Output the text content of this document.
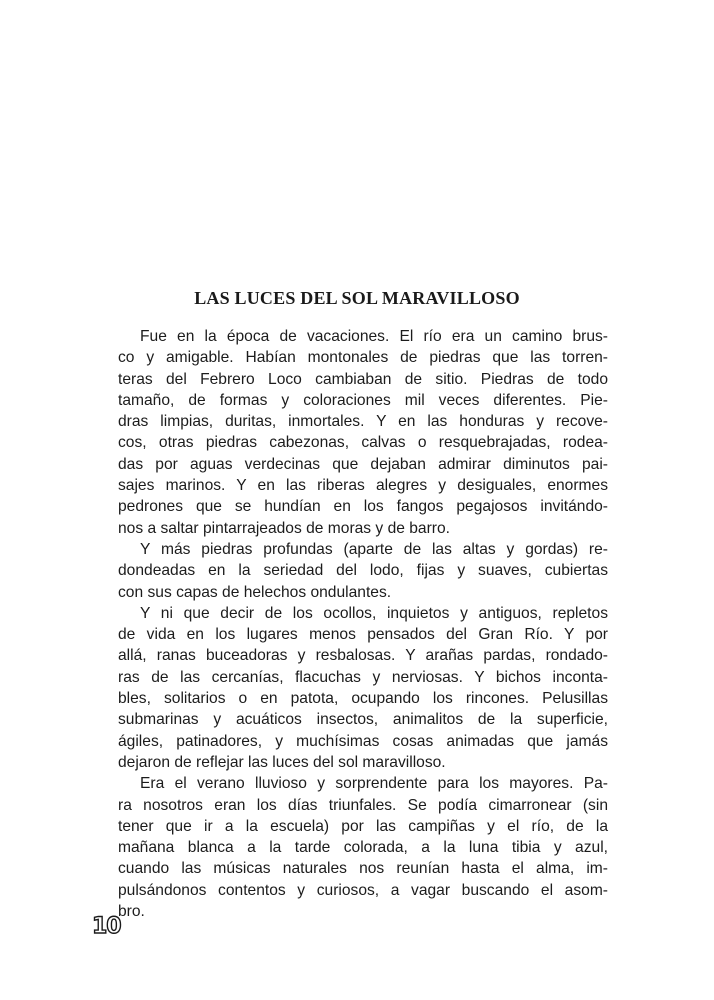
LAS LUCES DEL SOL MARAVILLOSO
Fue en la época de vacaciones. El río era un camino brus-
co y amigable. Habían montonales de piedras que las torren-
teras del Febrero Loco cambiaban de sitio. Piedras de todo
tamaño, de formas y coloraciones mil veces diferentes. Pie-
dras limpias, duritas, inmortales. Y en las honduras y recove-
cos, otras piedras cabezonas, calvas o resquebrajadas, rodea-
das por aguas verdecinas que dejaban admirar diminutos pai-
sajes marinos. Y en las riberas alegres y desiguales, enormes
pedrones que se hundían en los fangos pegajosos invitándo-
nos a saltar pintarrajeados de moras y de barro.
Y más piedras profundas (aparte de las altas y gordas) re-
dondeadas en la seriedad del lodo, fijas y suaves, cubiertas
con sus capas de helechos ondulantes.
Y ni que decir de los ocollos, inquietos y antiguos, repletos
de vida en los lugares menos pensados del Gran Río. Y por
allá, ranas buceadoras y resbalosas. Y arañas pardas, rondado-
ras de las cercanías, flacuchas y nerviosas. Y bichos inconta-
bles, solitarios o en patota, ocupando los rincones. Pelusillas
submarinas y acuáticos insectos, animalitos de la superficie,
ágiles, patinadores, y muchísimas cosas animadas que jamás
dejaron de reflejar las luces del sol maravilloso.
Era el verano lluvioso y sorprendente para los mayores. Pa-
ra nosotros eran los días triunfales. Se podía cimarronear (sin
tener que ir a la escuela) por las campiñas y el río, de la
mañana blanca a la tarde colorada, a la luna tibia y azul,
cuando las músicas naturales nos reunían hasta el alma, im-
pulsándonos contentos y curiosos, a vagar buscando el asom-
bro.
10
